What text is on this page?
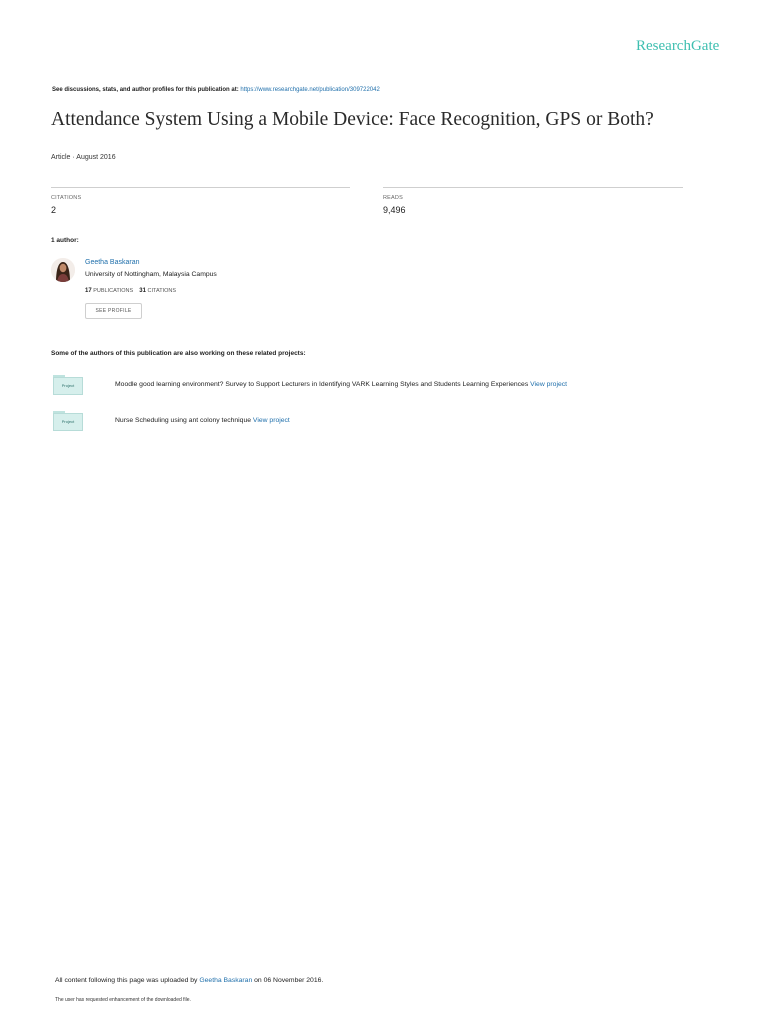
ResearchGate
See discussions, stats, and author profiles for this publication at: https://www.researchgate.net/publication/309722042
Attendance System Using a Mobile Device: Face Recognition, GPS or Both?
Article · August 2016
CITATIONS
2
READS
9,496
1 author:
Geetha Baskaran
University of Nottingham, Malaysia Campus
17 PUBLICATIONS 31 CITATIONS
SEE PROFILE
Some of the authors of this publication are also working on these related projects:
Project	Moodle good learning environment? Survey to Support Lecturers in Identifying VARK Learning Styles and Students Learning Experiences View project
Project	Nurse Scheduling using ant colony technique View project
All content following this page was uploaded by Geetha Baskaran on 06 November 2016.
The user has requested enhancement of the downloaded file.
